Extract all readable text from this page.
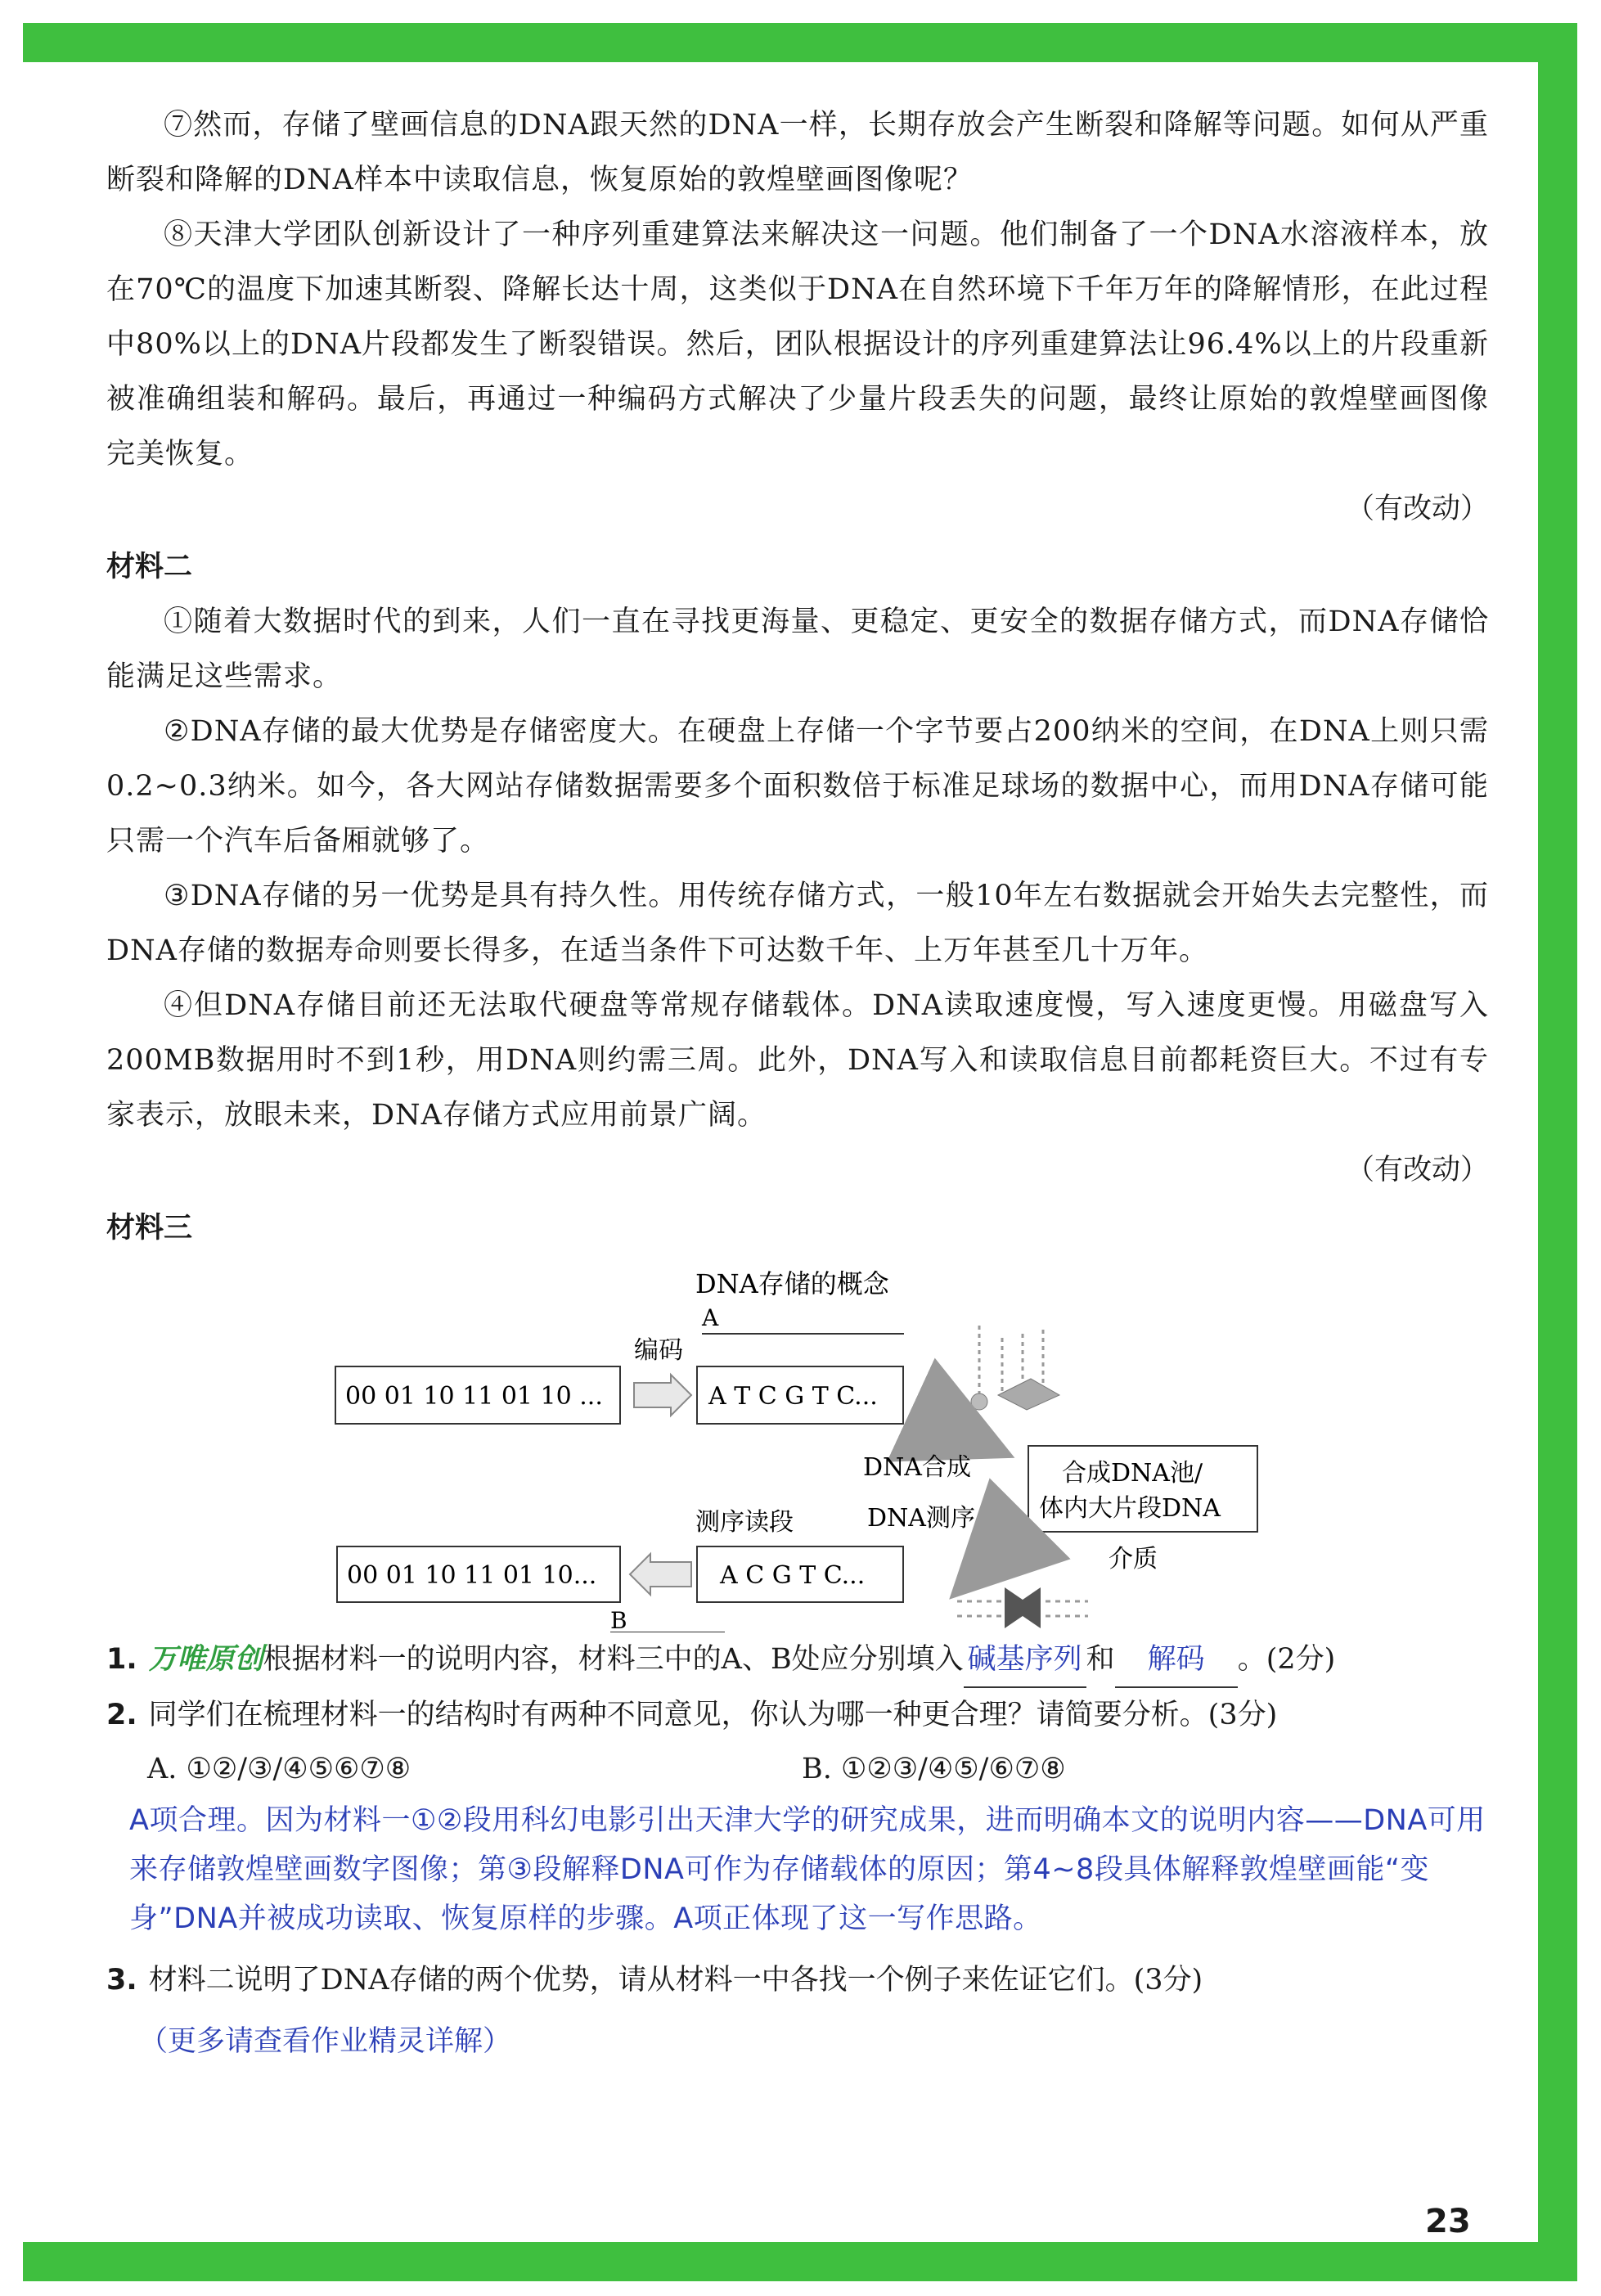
⑦然而，存储了壁画信息的DNA跟天然的DNA一样，长期存放会产生断裂和降解等问题。如何从严重断裂和降解的DNA样本中读取信息，恢复原始的敦煌壁画图像呢？

⑧天津大学团队创新设计了一种序列重建算法来解决这一问题。他们制备了一个DNA水溶液样本，放在70℃的温度下加速其断裂、降解长达十周，这类似于DNA在自然环境下千年万年的降解情形，在此过程中80%以上的DNA片段都发生了断裂错误。然后，团队根据设计的序列重建算法让96.4%以上的片段重新被准确组装和解码。最后，再通过一种编码方式解决了少量片段丢失的问题，最终让原始的敦煌壁画图像完美恢复。

（有改动）

材料二

①随着大数据时代的到来，人们一直在寻找更海量、更稳定、更安全的数据存储方式，而DNA存储恰能满足这些需求。

②DNA存储的最大优势是存储密度大。在硬盘上存储一个字节要占200纳米的空间，在DNA上则只需0.2~0.3纳米。如今，各大网站存储数据需要多个面积数倍于标准足球场的数据中心，而用DNA存储可能只需一个汽车后备厢就够了。

③DNA存储的另一优势是具有持久性。用传统存储方式，一般10年左右数据就会开始失去完整性，而DNA存储的数据寿命则要长得多，在适当条件下可达数千年、上万年甚至几十万年。

④但DNA存储目前还无法取代硬盘等常规存储载体。DNA读取速度慢，写入速度更慢。用磁盘写入200MB数据用时不到1秒，用DNA则约需三周。此外，DNA写入和读取信息目前都耗资巨大。不过有专家表示，放眼未来，DNA存储方式应用前景广阔。

（有改动）

材料三
DNA存储的概念
A
00 01 10 11 01 10 ...
编码
A T C G T C...
DNA合成	合成DNA池/
体内大片段DNA
介质
DNA测序
测序读段
A C G T C...
00 01 10 11 01 10...
B

1. 万唯原创根据材料一的说明内容，材料三中的A、B处应分别填入 碱基序列 和 解码 。(2分)

2. 同学们在梳理材料一的结构时有两种不同意见，你认为哪一种更合理？请简要分析。(3分)

A. ①②/③/④⑤⑥⑦⑧	B. ①②③/④⑤/⑥⑦⑧

A项合理。因为材料一①②段用科幻电影引出天津大学的研究成果，进而明确本文的说明内容——DNA可用来存储敦煌壁画数字图像；第③段解释DNA可作为存储载体的原因；第4~8段具体解释敦煌壁画能“变身”DNA并被成功读取、恢复原样的步骤。A项正体现了这一写作思路。

3. 材料二说明了DNA存储的两个优势，请从材料一中各找一个例子来佐证它们。(3分)

（更多请查看作业精灵详解）

23
